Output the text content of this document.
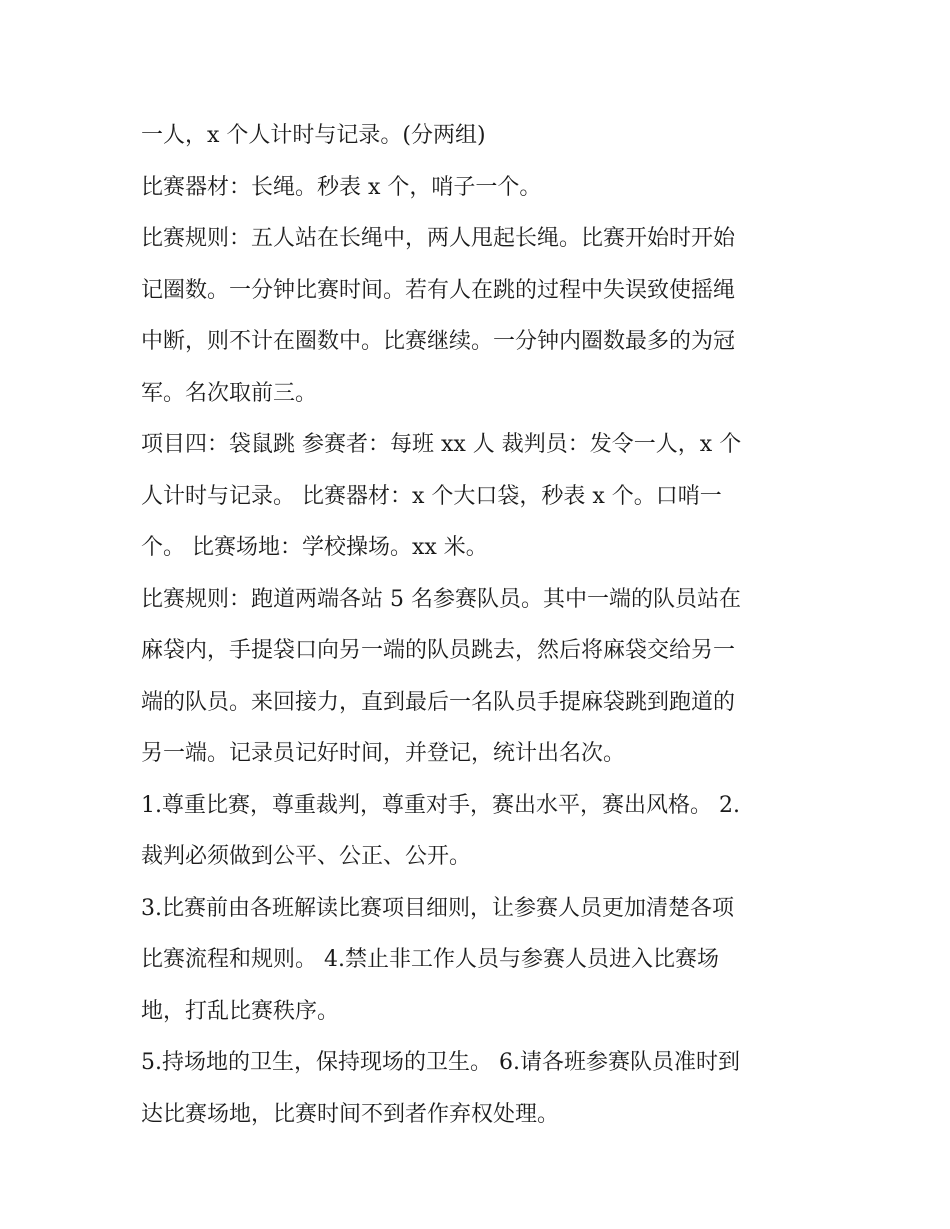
一人，x 个人计时与记录。(分两组)
比赛器材：长绳。秒表 x 个，哨子一个。
比赛规则：五人站在长绳中，两人甩起长绳。比赛开始时开始
记圈数。一分钟比赛时间。若有人在跳的过程中失误致使摇绳
中断，则不计在圈数中。比赛继续。一分钟内圈数最多的为冠
军。名次取前三。
项目四：袋鼠跳 参赛者：每班 xx 人 裁判员：发令一人，x 个
人计时与记录。 比赛器材：x 个大口袋，秒表 x 个。口哨一
个。 比赛场地：学校操场。xx 米。
比赛规则：跑道两端各站 5 名参赛队员。其中一端的队员站在
麻袋内，手提袋口向另一端的队员跳去，然后将麻袋交给另一
端的队员。来回接力，直到最后一名队员手提麻袋跳到跑道的
另一端。记录员记好时间，并登记，统计出名次。
1.尊重比赛，尊重裁判，尊重对手，赛出水平，赛出风格。 2.
裁判必须做到公平、公正、公开。
3.比赛前由各班解读比赛项目细则，让参赛人员更加清楚各项
比赛流程和规则。 4.禁止非工作人员与参赛人员进入比赛场
地，打乱比赛秩序。
5.持场地的卫生，保持现场的卫生。 6.请各班参赛队员准时到
达比赛场地，比赛时间不到者作弃权处理。
